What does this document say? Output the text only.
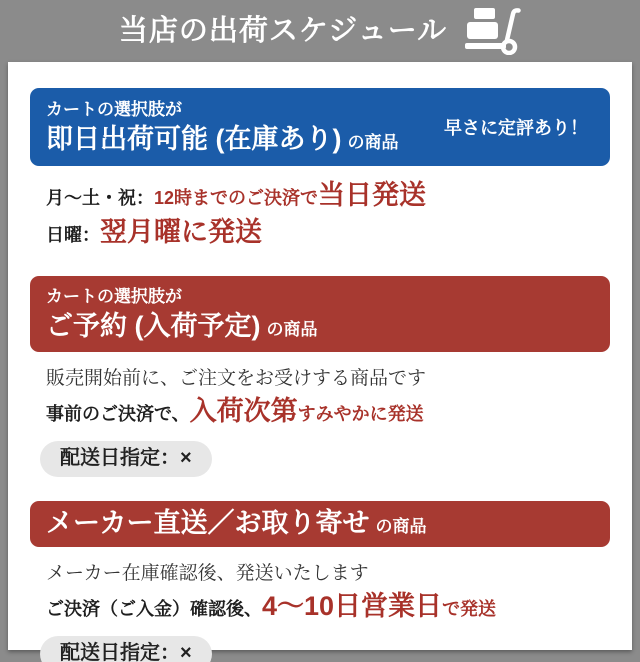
当店の出荷スケジュール
カートの選択肢が
即日出荷可能 (在庫あり) の商品
早さに定評あり！

月〜土・祝：12時までのご決済で当日発送

日曜：翌月曜に発送

カートの選択肢が
ご予約 (入荷予定) の商品

販売開始前に、ご注文をお受けする商品です

事前のご決済で、入荷次第すみやかに発送

配送日指定：×
メーカー直送／お取り寄せ の商品

メーカー在庫確認後、発送いたします

ご決済（ご入金）確認後、4〜10日営業日で発送

配送日指定：×
